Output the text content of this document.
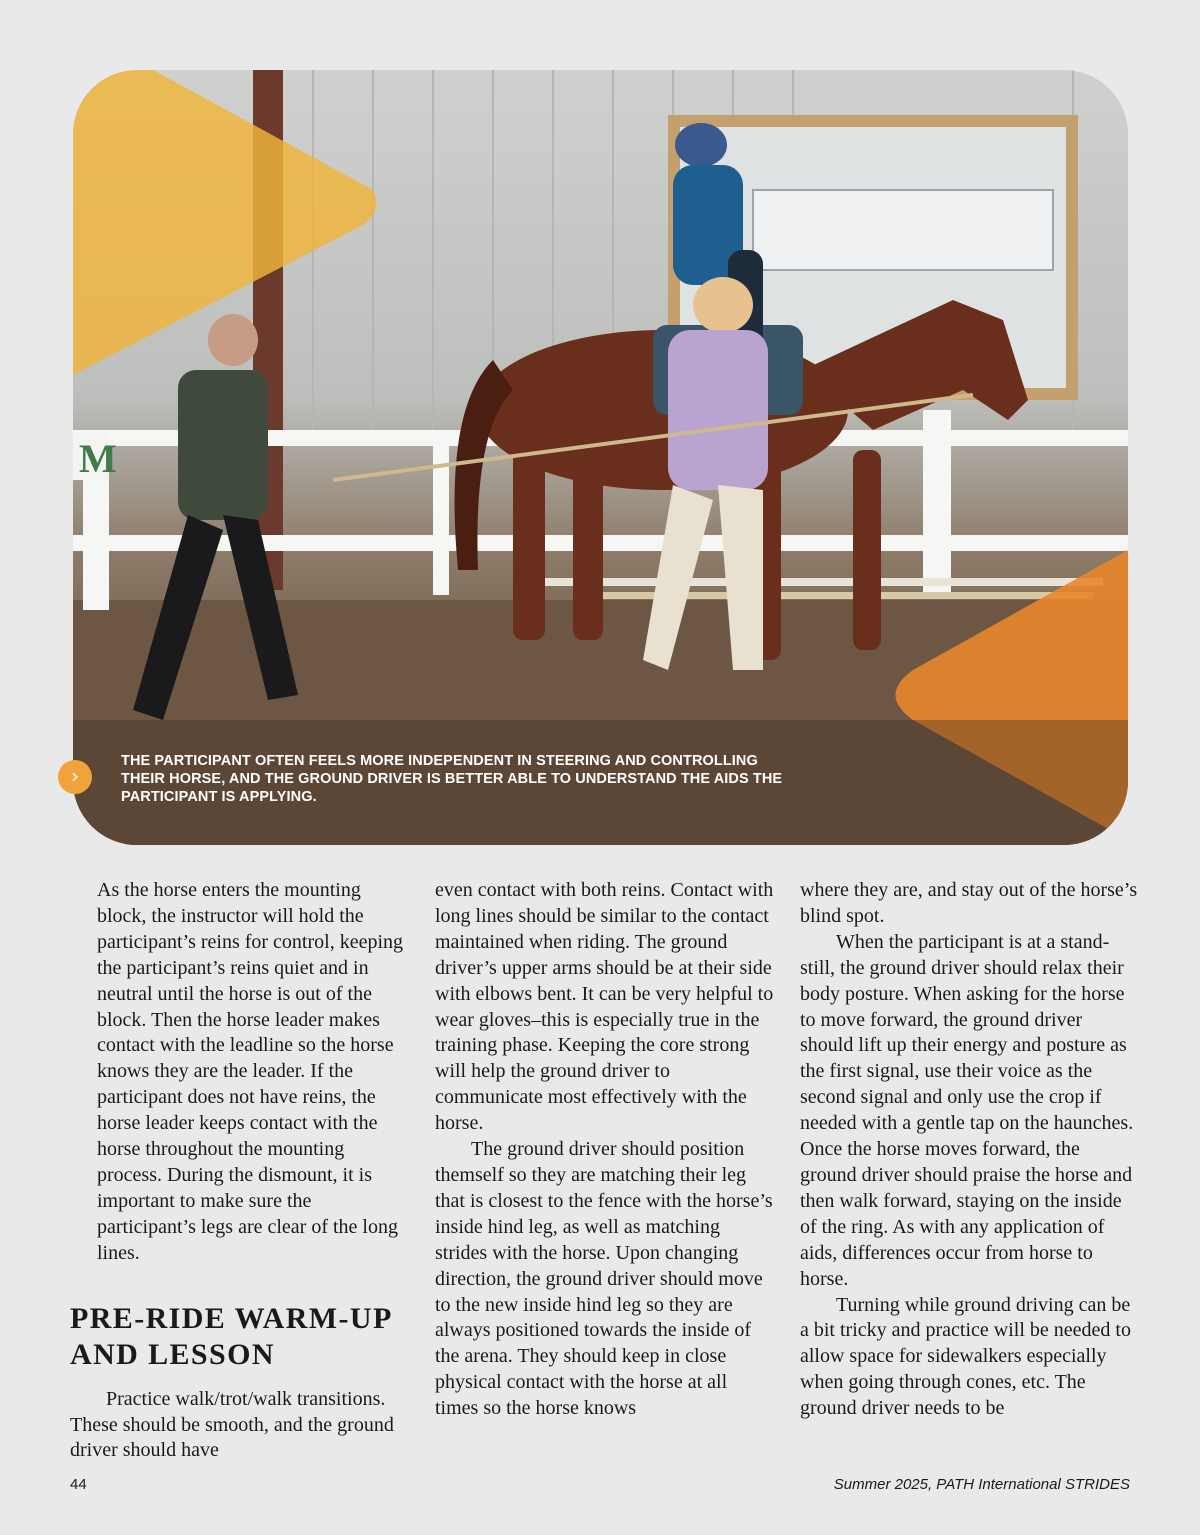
M
THE PARTICIPANT OFTEN FEELS MORE INDEPENDENT IN STEERING AND CONTROLLING THEIR HORSE, AND THE GROUND DRIVER IS BETTER ABLE TO UNDERSTAND THE AIDS THE PARTICIPANT IS APPLYING.
›

As the horse enters the mounting block, the instructor will hold the participant’s reins for control, keeping the participant’s reins quiet and in neutral until the horse is out of the block. Then the horse leader makes contact with the leadline so the horse knows they are the leader. If the participant does not have reins, the horse leader keeps contact with the horse throughout the mounting process. During the dismount, it is important to make sure the participant’s legs are clear of the long lines.

PRE-RIDE WARM-UP AND LESSON

Practice walk/trot/walk transitions. These should be smooth, and the ground driver should have

even contact with both reins. Contact with long lines should be similar to the contact maintained when riding. The ground driver’s upper arms should be at their side with elbows bent. It can be very helpful to wear gloves–this is especially true in the training phase. Keeping the core strong will help the ground driver to communicate most effectively with the horse.

The ground driver should position themself so they are matching their leg that is closest to the fence with the horse’s inside hind leg, as well as matching strides with the horse. Upon changing direction, the ground driver should move to the new inside hind leg so they are always positioned towards the inside of the arena. They should keep in close physical contact with the horse at all times so the horse knows

where they are, and stay out of the horse’s blind spot.

When the participant is at a stand-still, the ground driver should relax their body posture. When asking for the horse to move forward, the ground driver should lift up their energy and posture as the first signal, use their voice as the second signal and only use the crop if needed with a gentle tap on the haunches. Once the horse moves forward, the ground driver should praise the horse and then walk forward, staying on the inside of the ring. As with any application of aids, differences occur from horse to horse.

Turning while ground driving can be a bit tricky and practice will be needed to allow space for sidewalkers especially when going through cones, etc. The ground driver needs to be

44	Summer 2025, PATH International STRIDES
